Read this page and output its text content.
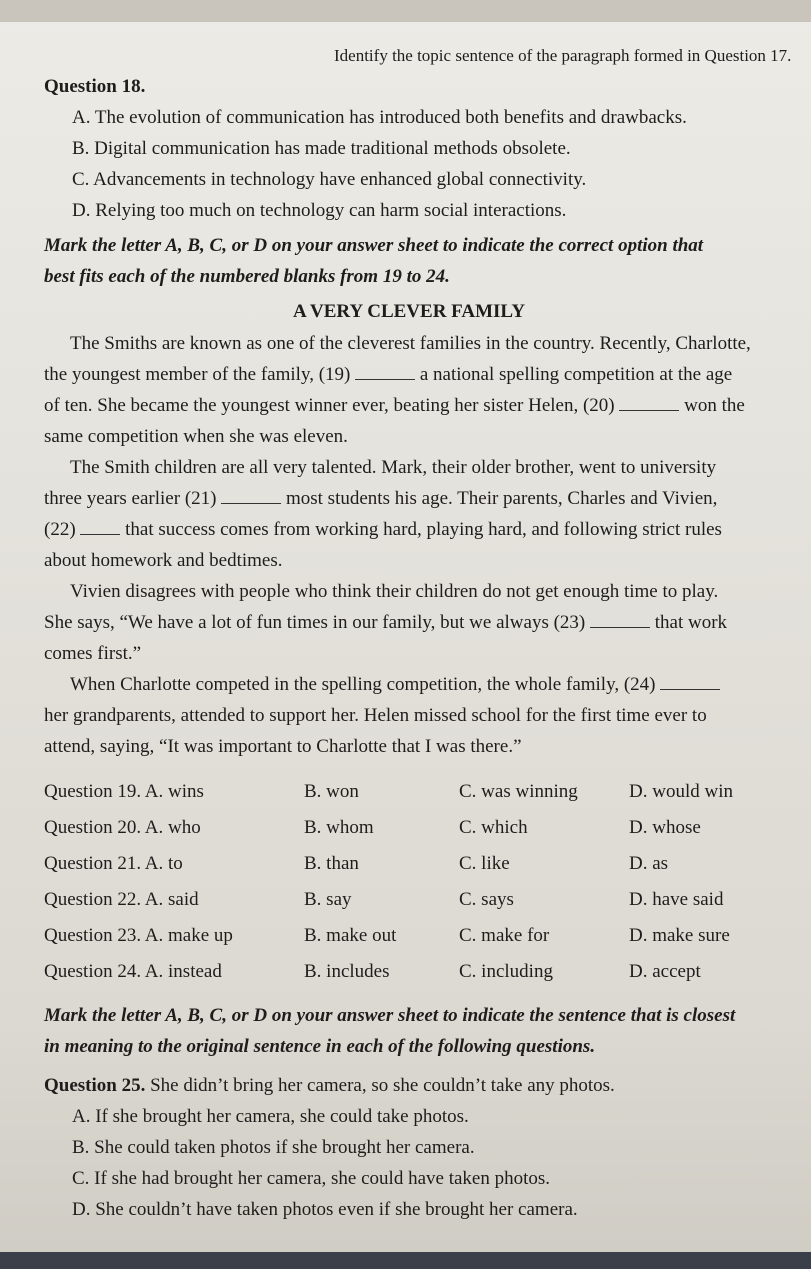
Identify the topic sentence of the paragraph formed in Question 17.
Question 18.
A. The evolution of communication has introduced both benefits and drawbacks.
B. Digital communication has made traditional methods obsolete.
C. Advancements in technology have enhanced global connectivity.
D. Relying too much on technology can harm social interactions.
Mark the letter A, B, C, or D on your answer sheet to indicate the correct option that
best fits each of the numbered blanks from 19 to 24.
A VERY CLEVER FAMILY
The Smiths are known as one of the cleverest families in the country. Recently, Charlotte,
the youngest member of the family, (19)	a national spelling competition at the age
of ten. She became the youngest winner ever, beating her sister Helen, (20)	won the
same competition when she was eleven.
The Smith children are all very talented. Mark, their older brother, went to university
three years earlier (21)	most students his age. Their parents, Charles and Vivien,
(22)	that success comes from working hard, playing hard, and following strict rules
about homework and bedtimes.
Vivien disagrees with people who think their children do not get enough time to play.
She says, “We have a lot of fun times in our family, but we always (23)	that work
comes first.”
When Charlotte competed in the spelling competition, the whole family, (24)
her grandparents, attended to support her. Helen missed school for the first time ever to
attend, saying, “It was important to Charlotte that I was there.”
Question 19. A. wins	B. won	C. was winning	D. would win
Question 20. A. who	B. whom	C. which	D. whose
Question 21. A. to	B. than	C. like	D. as
Question 22. A. said	B. say	C. says	D. have said
Question 23. A. make up	B. make out	C. make for	D. make sure
Question 24. A. instead	B. includes	C. including	D. accept
Mark the letter A, B, C, or D on your answer sheet to indicate the sentence that is closest
in meaning to the original sentence in each of the following questions.
Question 25. She didn’t bring her camera, so she couldn’t take any photos.
A. If she brought her camera, she could take photos.
B. She could taken photos if she brought her camera.
C. If she had brought her camera, she could have taken photos.
D. She couldn’t have taken photos even if she brought her camera.
